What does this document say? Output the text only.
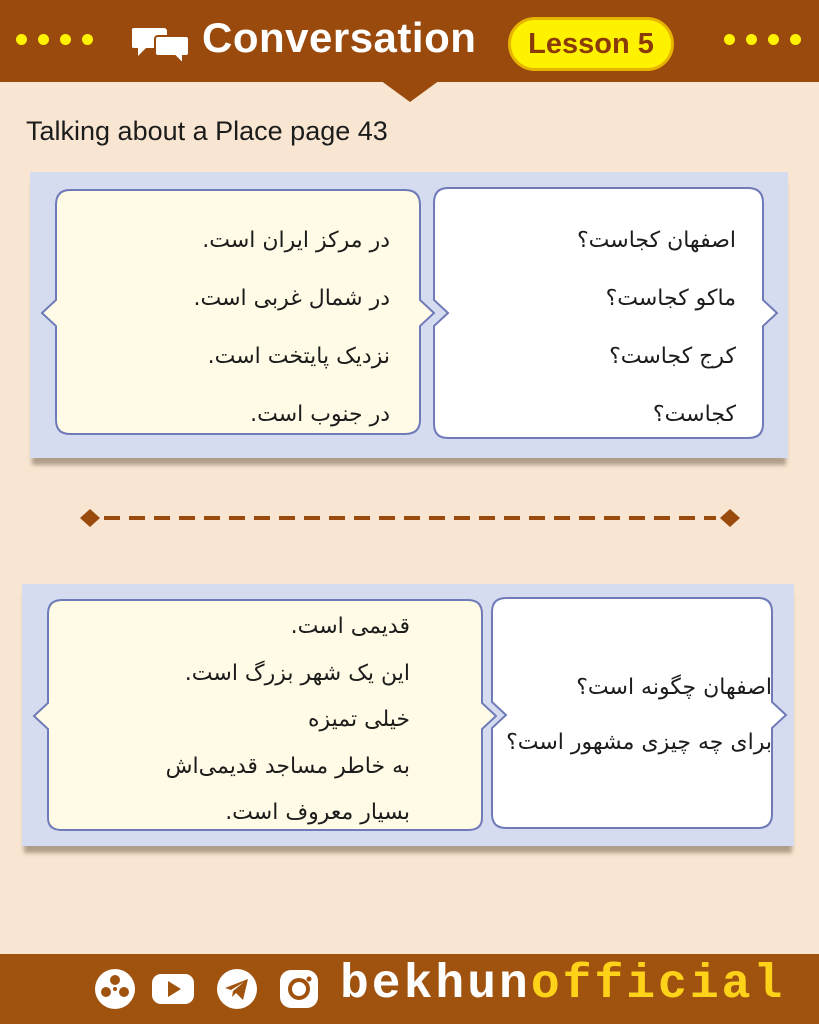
Conversation	Lesson 5
Talking about a Place page 43
در مرکز ایران است.
در شمال غربی است.
نزدیک پایتخت است.
در جنوب است.
اصفهان کجاست؟
ماکو کجاست؟
کرج کجاست؟
کجاست؟
قدیمی است.
این یک شهر بزرگ است.
خیلی تمیزه
به خاطر مساجد قدیمی‌اش
بسیار معروف است.
اصفهان چگونه است؟
برای چه چیزی مشهور است؟
bekhunofficial
